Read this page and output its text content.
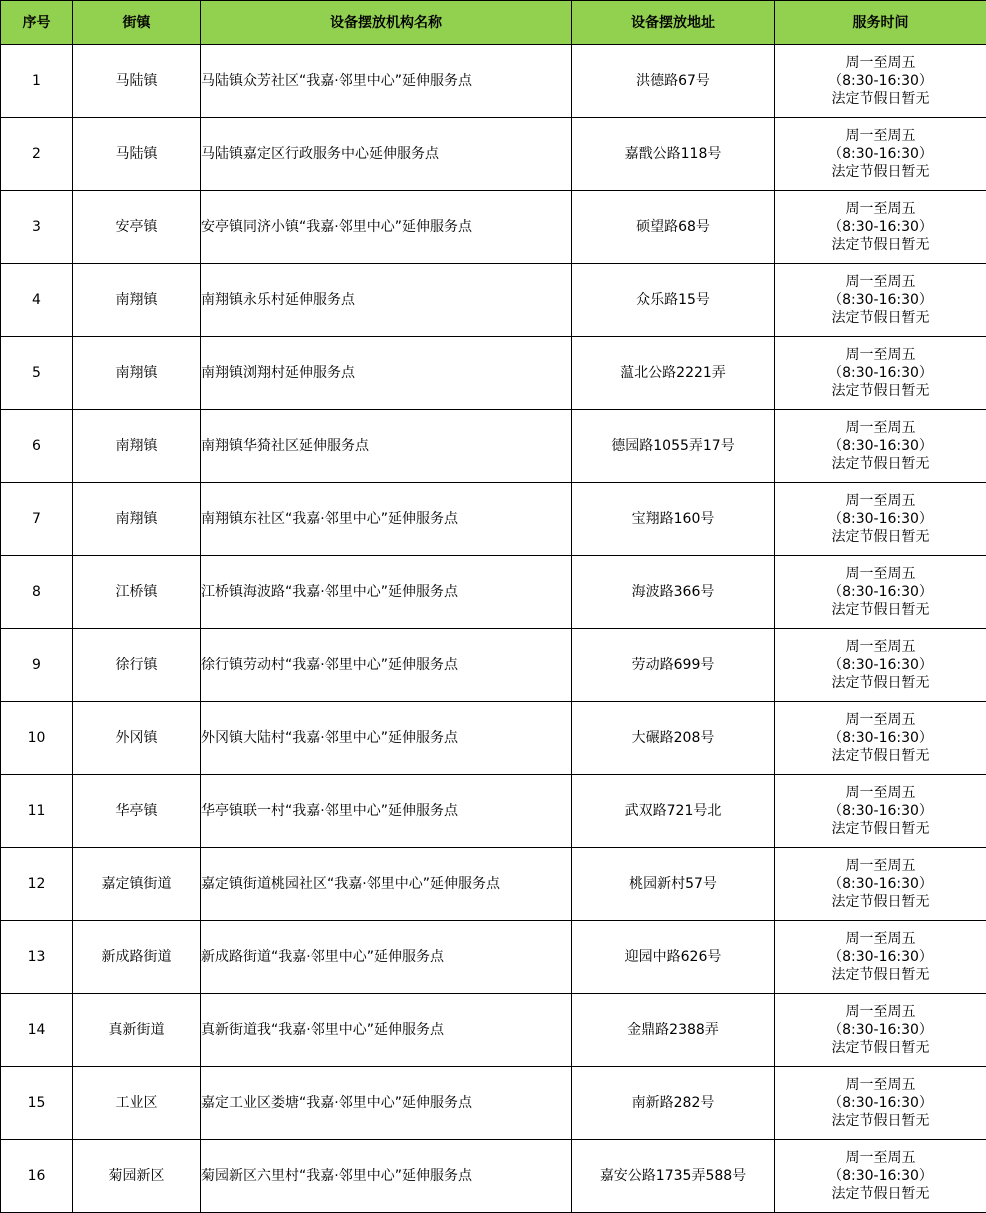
序号	街镇	设备摆放机构名称	设备摆放地址	服务时间
1	马陆镇	马陆镇众芳社区“我嘉·邻里中心”延伸服务点	洪德路67号	周一至周五
（8:30-16:30）
法定节假日暂无

2	马陆镇	马陆镇嘉定区行政服务中心延伸服务点	嘉戬公路118号	周一至周五
（8:30-16:30）
法定节假日暂无

3	安亭镇	安亭镇同济小镇“我嘉·邻里中心”延伸服务点	硕望路68号	周一至周五
（8:30-16:30）
法定节假日暂无

4	南翔镇	南翔镇永乐村延伸服务点	众乐路15号	周一至周五
（8:30-16:30）
法定节假日暂无

5	南翔镇	南翔镇浏翔村延伸服务点	蕰北公路2221弄	周一至周五
（8:30-16:30）
法定节假日暂无

6	南翔镇	南翔镇华猗社区延伸服务点	德园路1055弄17号	周一至周五
（8:30-16:30）
法定节假日暂无

7	南翔镇	南翔镇东社区“我嘉·邻里中心”延伸服务点	宝翔路160号	周一至周五
（8:30-16:30）
法定节假日暂无

8	江桥镇	江桥镇海波路“我嘉·邻里中心”延伸服务点	海波路366号	周一至周五
（8:30-16:30）
法定节假日暂无

9	徐行镇	徐行镇劳动村“我嘉·邻里中心”延伸服务点	劳动路699号	周一至周五
（8:30-16:30）
法定节假日暂无

10	外冈镇	外冈镇大陆村“我嘉·邻里中心”延伸服务点	大碾路208号	周一至周五
（8:30-16:30）
法定节假日暂无

11	华亭镇	华亭镇联一村“我嘉·邻里中心”延伸服务点	武双路721号北	周一至周五
（8:30-16:30）
法定节假日暂无

12	嘉定镇街道	嘉定镇街道桃园社区“我嘉·邻里中心”延伸服务点	桃园新村57号	周一至周五
（8:30-16:30）
法定节假日暂无

13	新成路街道	新成路街道“我嘉·邻里中心”延伸服务点	迎园中路626号	周一至周五
（8:30-16:30）
法定节假日暂无

14	真新街道	真新街道我“我嘉·邻里中心”延伸服务点	金鼎路2388弄	周一至周五
（8:30-16:30）
法定节假日暂无

15	工业区	嘉定工业区娄塘“我嘉·邻里中心”延伸服务点	南新路282号	周一至周五
（8:30-16:30）
法定节假日暂无

16	菊园新区	菊园新区六里村“我嘉·邻里中心”延伸服务点	嘉安公路1735弄588号	周一至周五
（8:30-16:30）
法定节假日暂无
